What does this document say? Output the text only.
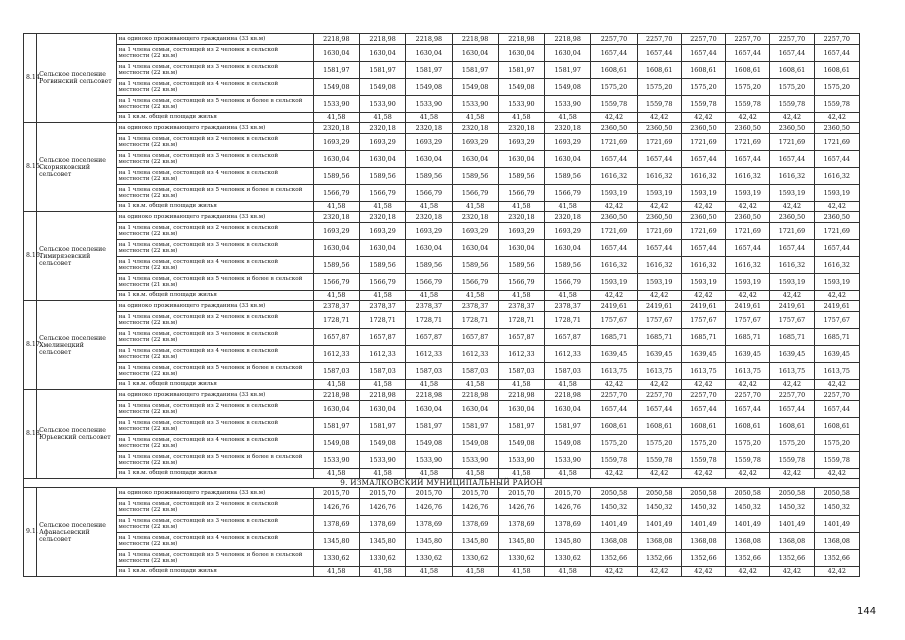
8.14.	Сельское поселение Рогвинский сельсовет	на одиноко проживающего гражданина (33 кв.м)	2218,98	2218,98	2218,98	2218,98	2218,98	2218,98	2257,70	2257,70	2257,70	2257,70	2257,70	2257,70
		на 1 члена семьи, состоящей из 2 человек в сельской местности (22 кв.м)	1630,04	1630,04	1630,04	1630,04	1630,04	1630,04	1657,44	1657,44	1657,44	1657,44	1657,44	1657,44
		на 1 члена семьи, состоящей из 3 человек в сельской местности (22 кв.м)	1581,97	1581,97	1581,97	1581,97	1581,97	1581,97	1608,61	1608,61	1608,61	1608,61	1608,61	1608,61
		на 1 члена семьи, состоящей из 4 человек в сельской местности (22 кв.м)	1549,08	1549,08	1549,08	1549,08	1549,08	1549,08	1575,20	1575,20	1575,20	1575,20	1575,20	1575,20
		на 1 члена семьи, состоящей из 5 человек и более в сельской местности (22 кв.м)	1533,90	1533,90	1533,90	1533,90	1533,90	1533,90	1559,78	1559,78	1559,78	1559,78	1559,78	1559,78
		на 1 кв.м. общей площади жилья	41,58	41,58	41,58	41,58	41,58	41,58	42,42	42,42	42,42	42,42	42,42	42,42
8.15.	Сельское поселение Скорняковский сельсовет	на одиноко проживающего гражданина (33 кв.м)	2320,18	2320,18	2320,18	2320,18	2320,18	2320,18	2360,50	2360,50	2360,50	2360,50	2360,50	2360,50
		на 1 члена семьи, состоящей из 2 человек в сельской местности (22 кв.м)	1693,29	1693,29	1693,29	1693,29	1693,29	1693,29	1721,69	1721,69	1721,69	1721,69	1721,69	1721,69
		на 1 члена семьи, состоящей из 3 человек в сельской местности (22 кв.м)	1630,04	1630,04	1630,04	1630,04	1630,04	1630,04	1657,44	1657,44	1657,44	1657,44	1657,44	1657,44
		на 1 члена семьи, состоящей из 4 человек в сельской местности (22 кв.м)	1589,56	1589,56	1589,56	1589,56	1589,56	1589,56	1616,32	1616,32	1616,32	1616,32	1616,32	1616,32
		на 1 члена семьи, состоящей из 5 человек и более в сельской местности (22 кв.м)	1566,79	1566,79	1566,79	1566,79	1566,79	1566,79	1593,19	1593,19	1593,19	1593,19	1593,19	1593,19
		на 1 кв.м. общей площади жилья	41,58	41,58	41,58	41,58	41,58	41,58	42,42	42,42	42,42	42,42	42,42	42,42
8.16.	Сельское поселение Тимирязевский сельсовет	на одиноко проживающего гражданина (33 кв.м)	2320,18	2320,18	2320,18	2320,18	2320,18	2320,18	2360,50	2360,50	2360,50	2360,50	2360,50	2360,50
		на 1 члена семьи, состоящей из 2 человек в сельской местности (22 кв.м)	1693,29	1693,29	1693,29	1693,29	1693,29	1693,29	1721,69	1721,69	1721,69	1721,69	1721,69	1721,69
		на 1 члена семьи, состоящей из 3 человек в сельской местности (22 кв.м)	1630,04	1630,04	1630,04	1630,04	1630,04	1630,04	1657,44	1657,44	1657,44	1657,44	1657,44	1657,44
		на 1 члена семьи, состоящей из 4 человек в сельской местности (22 кв.м)	1589,56	1589,56	1589,56	1589,56	1589,56	1589,56	1616,32	1616,32	1616,32	1616,32	1616,32	1616,32
		на 1 члена семьи, состоящей из 5 человек и более в сельской местности (21 кв.м)	1566,79	1566,79	1566,79	1566,79	1566,79	1566,79	1593,19	1593,19	1593,19	1593,19	1593,19	1593,19
		на 1 кв.м. общей площади жилья	41,58	41,58	41,58	41,58	41,58	41,58	42,42	42,42	42,42	42,42	42,42	42,42
8.17.	Сельское поселение Хмелинецкий сельсовет	на одиноко проживающего гражданина (33 кв.м)	2378,37	2378,37	2378,37	2378,37	2378,37	2378,37	2419,61	2419,61	2419,61	2419,61	2419,61	2419,61
		на 1 члена семьи, состоящей из 2 человек в сельской местности (22 кв.м)	1728,71	1728,71	1728,71	1728,71	1728,71	1728,71	1757,67	1757,67	1757,67	1757,67	1757,67	1757,67
		на 1 члена семьи, состоящей из 3 человек в сельской местности (22 кв.м)	1657,87	1657,87	1657,87	1657,87	1657,87	1657,87	1685,71	1685,71	1685,71	1685,71	1685,71	1685,71
		на 1 члена семьи, состоящей из 4 человек в сельской местности (22 кв.м)	1612,33	1612,33	1612,33	1612,33	1612,33	1612,33	1639,45	1639,45	1639,45	1639,45	1639,45	1639,45
		на 1 члена семьи, состоящей из 5 человек и более в сельской местности (22 кв.м)	1587,03	1587,03	1587,03	1587,03	1587,03	1587,03	1613,75	1613,75	1613,75	1613,75	1613,75	1613,75
		на 1 кв.м. общей площади жилья	41,58	41,58	41,58	41,58	41,58	41,58	42,42	42,42	42,42	42,42	42,42	42,42
8.18.	Сельское поселение Юрьевский сельсовет	на одиноко проживающего гражданина (33 кв.м)	2218,98	2218,98	2218,98	2218,98	2218,98	2218,98	2257,70	2257,70	2257,70	2257,70	2257,70	2257,70
		на 1 члена семьи, состоящей из 2 человек в сельской местности (22 кв.м)	1630,04	1630,04	1630,04	1630,04	1630,04	1630,04	1657,44	1657,44	1657,44	1657,44	1657,44	1657,44
		на 1 члена семьи, состоящей из 3 человек в сельской местности (22 кв.м)	1581,97	1581,97	1581,97	1581,97	1581,97	1581,97	1608,61	1608,61	1608,61	1608,61	1608,61	1608,61
		на 1 члена семьи, состоящей из 4 человек в сельской местности (22 кв.м)	1549,08	1549,08	1549,08	1549,08	1549,08	1549,08	1575,20	1575,20	1575,20	1575,20	1575,20	1575,20
		на 1 члена семьи, состоящей из 5 человек и более в сельской местности (22 кв.м)	1533,90	1533,90	1533,90	1533,90	1533,90	1533,90	1559,78	1559,78	1559,78	1559,78	1559,78	1559,78
		на 1 кв.м. общей площади жилья	41,58	41,58	41,58	41,58	41,58	41,58	42,42	42,42	42,42	42,42	42,42	42,42
9. ИЗМАЛКОВСКИЙ МУНИЦИПАЛЬНЫЙ РАЙОН														
9.1.	Сельское поселение Афанасьевский сельсовет	на одиноко проживающего гражданина (33 кв.м)	2015,70	2015,70	2015,70	2015,70	2015,70	2015,70	2050,58	2050,58	2050,58	2050,58	2050,58	2050,58
		на 1 члена семьи, состоящей из 2 человек в сельской местности (22 кв.м)	1426,76	1426,76	1426,76	1426,76	1426,76	1426,76	1450,32	1450,32	1450,32	1450,32	1450,32	1450,32
		на 1 члена семьи, состоящей из 3 человек в сельской местности (22 кв.м)	1378,69	1378,69	1378,69	1378,69	1378,69	1378,69	1401,49	1401,49	1401,49	1401,49	1401,49	1401,49
		на 1 члена семьи, состоящей из 4 человек в сельской местности (22 кв.м)	1345,80	1345,80	1345,80	1345,80	1345,80	1345,80	1368,08	1368,08	1368,08	1368,08	1368,08	1368,08
		на 1 члена семьи, состоящей из 5 человек и более в сельской местности (22 кв.м)	1330,62	1330,62	1330,62	1330,62	1330,62	1330,62	1352,66	1352,66	1352,66	1352,66	1352,66	1352,66
		на 1 кв.м. общей площади жилья	41,58	41,58	41,58	41,58	41,58	41,58	42,42	42,42	42,42	42,42	42,42	42,42
144
